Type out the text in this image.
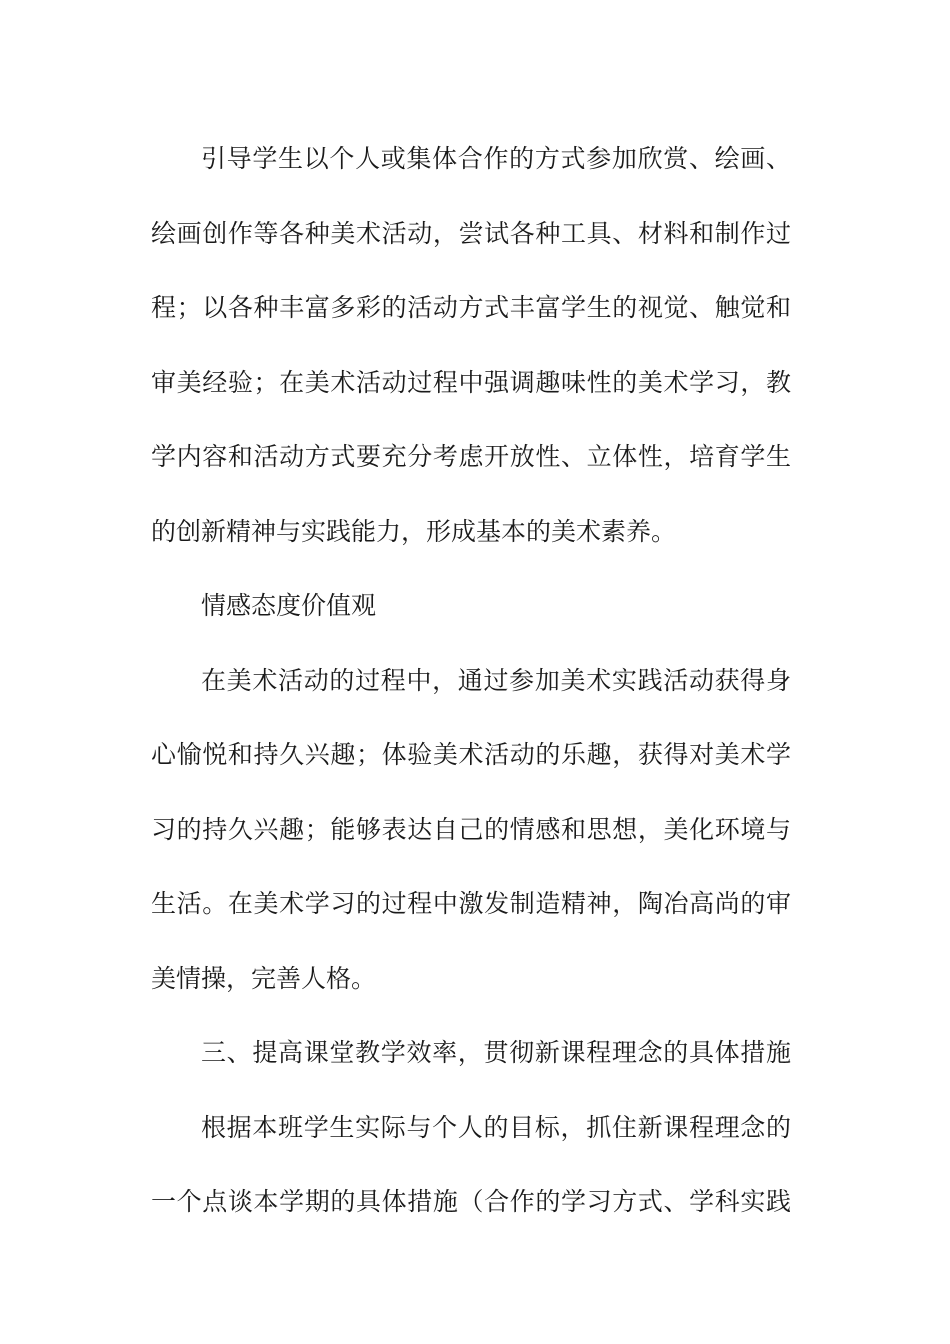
引导学生以个人或集体合作的方式参加欣赏、绘画、
绘画创作等各种美术活动，尝试各种工具、材料和制作过
程；以各种丰富多彩的活动方式丰富学生的视觉、触觉和
审美经验；在美术活动过程中强调趣味性的美术学习，教
学内容和活动方式要充分考虑开放性、立体性，培育学生
的创新精神与实践能力，形成基本的美术素养。
情感态度价值观
在美术活动的过程中，通过参加美术实践活动获得身
心愉悦和持久兴趣；体验美术活动的乐趣，获得对美术学
习的持久兴趣；能够表达自己的情感和思想，美化环境与
生活。在美术学习的过程中激发制造精神，陶冶高尚的审
美情操，完善人格。
三、提高课堂教学效率，贯彻新课程理念的具体措施
根据本班学生实际与个人的目标，抓住新课程理念的
一个点谈本学期的具体措施（合作的学习方式、学科实践
